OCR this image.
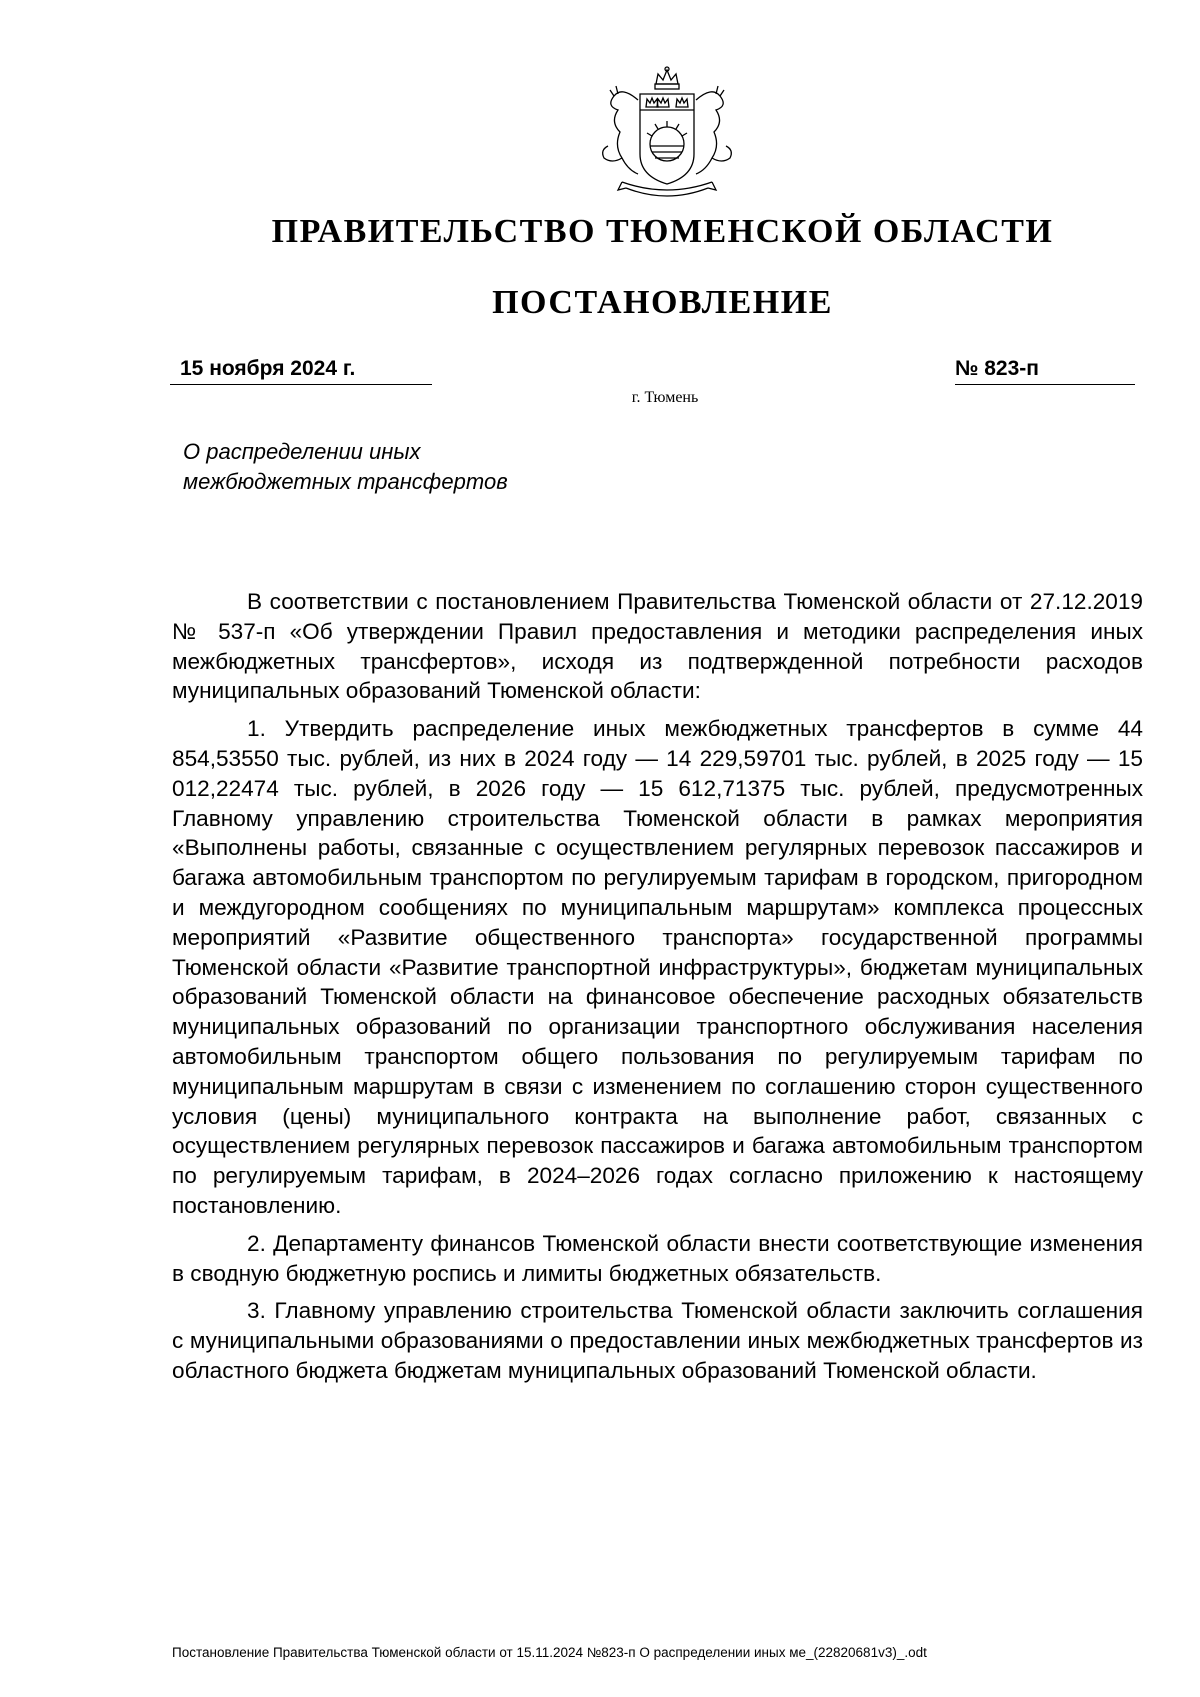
ПРАВИТЕЛЬСТВО ТЮМЕНСКОЙ ОБЛАСТИ
ПОСТАНОВЛЕНИЕ
15 ноября 2024 г.	№ 823-п
г. Тюмень
О распределении иных
межбюджетных трансфертов

В соответствии с постановлением Правительства Тюменской области от 27.12.2019 № 537-п «Об утверждении Правил предоставления и методики распределения иных межбюджетных трансфертов», исходя из подтвержденной потребности расходов муниципальных образований Тюменской области:

1. Утвердить распределение иных межбюджетных трансфертов в сумме 44 854,53550 тыс. рублей, из них в 2024 году — 14 229,59701 тыс. рублей, в 2025 году — 15 012,22474 тыс. рублей, в 2026 году — 15 612,71375 тыс. рублей, предусмотренных Главному управлению строительства Тюменской области в рамках мероприятия «Выполнены работы, связанные с осуществлением регулярных перевозок пассажиров и багажа автомобильным транспортом по регулируемым тарифам в городском, пригородном и междугородном сообщениях по муниципальным маршрутам» комплекса процессных мероприятий «Развитие общественного транспорта» государственной программы Тюменской области «Развитие транспортной инфраструктуры», бюджетам муниципальных образований Тюменской области на финансовое обеспечение расходных обязательств муниципальных образований по организации транспортного обслуживания населения автомобильным транспортом общего пользования по регулируемым тарифам по муниципальным маршрутам в связи с изменением по соглашению сторон существенного условия (цены) муниципального контракта на выполнение работ, связанных с осуществлением регулярных перевозок пассажиров и багажа автомобильным транспортом по регулируемым тарифам, в 2024–2026 годах согласно приложению к настоящему постановлению.

2. Департаменту финансов Тюменской области внести соответствующие изменения в сводную бюджетную роспись и лимиты бюджетных обязательств.

3. Главному управлению строительства Тюменской области заключить соглашения с муниципальными образованиями о предоставлении иных межбюджетных трансфертов из областного бюджета бюджетам муниципальных образований Тюменской области.

Постановление Правительства Тюменской области от 15.11.2024 №823-п О распределении иных ме_(22820681v3)_.odt
